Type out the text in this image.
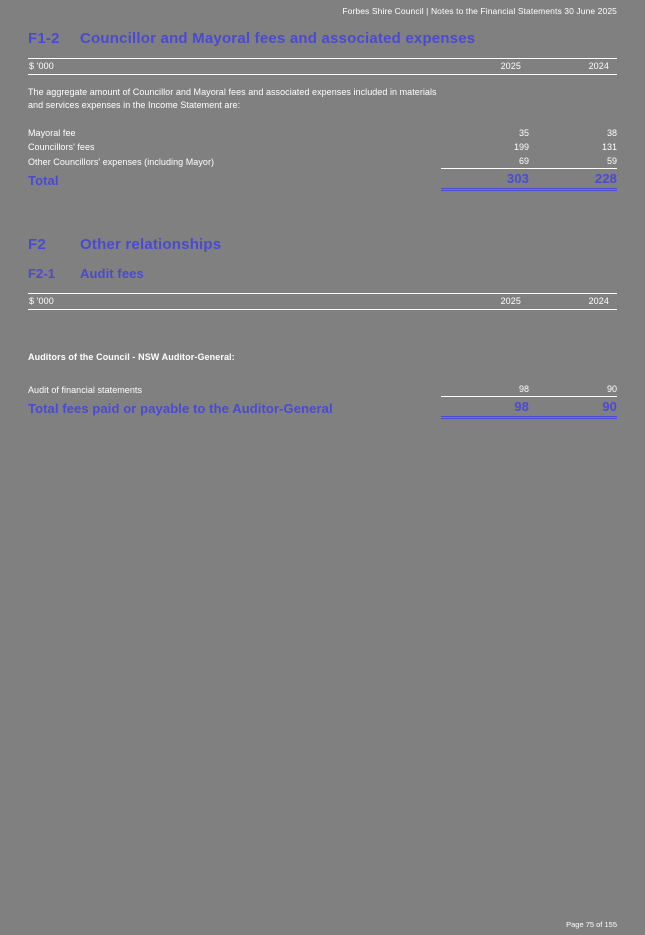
Forbes Shire Council | Notes to the Financial Statements 30 June 2025
F1-2	Councillor and Mayoral fees and associated expenses
$ '000	2025	2024
The aggregate amount of Councillor and Mayoral fees and associated expenses included in materials and services expenses in the Income Statement are:
Mayoral fee	35	38
Councillors' fees	199	131
Other Councillors' expenses (including Mayor)	69	59
Total	303	228
F2	Other relationships
F2-1	Audit fees
$ '000	2025	2024
Auditors of the Council - NSW Auditor-General:		

Audit of financial statements	98	90
Total fees paid or payable to the Auditor-General	98	90
Page 75 of 155
